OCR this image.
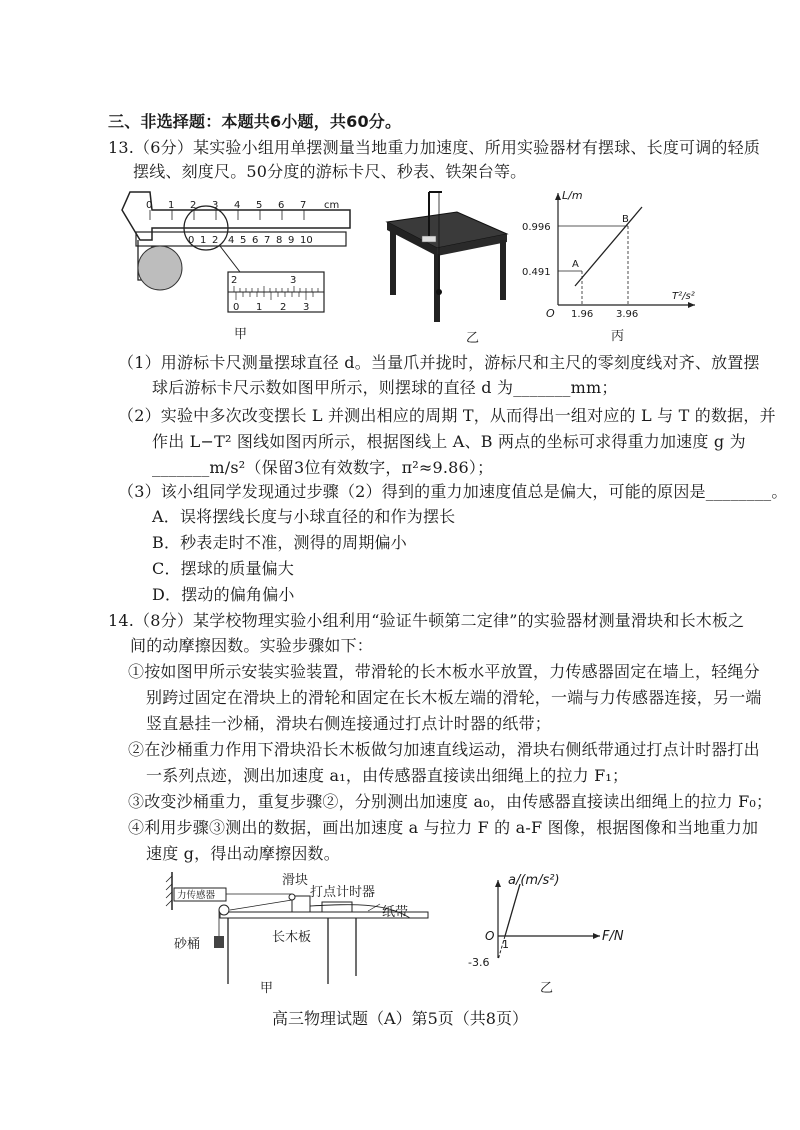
三、非选择题：本题共6小题，共60分。
13.（6分）某实验小组用单摆测量当地重力加速度、所用实验器材有摆球、长度可调的轻质
摆线、刻度尺。50分度的游标卡尺、秒表、铁架台等。
0 1 2 3 4 5 6 7 cm
0 1 2 4 5 6 7 8 9 10
2	3
0 1 2 3
甲	乙
A
B
L/m
T²/s²
O
0.996
0.491
1.96 3.96
丙
（1）用游标卡尺测量摆球直径 d。当量爪并拢时，游标尺和主尺的零刻度线对齐、放置摆
球后游标卡尺示数如图甲所示，则摆球的直径 d 为_______mm；
（2）实验中多次改变摆长 L 并测出相应的周期 T，从而得出一组对应的 L 与 T 的数据，并
作出 L−T² 图线如图丙所示，根据图线上 A、B 两点的坐标可求得重力加速度 g 为
_______m/s²（保留3位有效数字，π²≈9.86）；
（3）该小组同学发现通过步骤（2）得到的重力加速度值总是偏大，可能的原因是________。
A．误将摆线长度与小球直径的和作为摆长
B．秒表走时不准，测得的周期偏小
C．摆球的质量偏大
D．摆动的偏角偏小
14.（8分）某学校物理实验小组利用“验证牛顿第二定律”的实验器材测量滑块和长木板之
间的动摩擦因数。实验步骤如下：
①按如图甲所示安装实验装置，带滑轮的长木板水平放置，力传感器固定在墙上，轻绳分
别跨过固定在滑块上的滑轮和固定在长木板左端的滑轮，一端与力传感器连接，另一端
竖直悬挂一沙桶，滑块右侧连接通过打点计时器的纸带；
②在沙桶重力作用下滑块沿长木板做匀加速直线运动，滑块右侧纸带通过打点计时器打出
一系列点迹，测出加速度 a₁，由传感器直接读出细绳上的拉力 F₁；
③改变沙桶重力，重复步骤②，分别测出加速度 a₀，由传感器直接读出细绳上的拉力 F₀；
④利用步骤③测出的数据，画出加速度 a 与拉力 F 的 a-F 图像，根据图像和当地重力加
速度 g，得出动摩擦因数。
力传感器
滑块
打点计时器
纸带
砂桶	长木板
甲
a/(m/s²)
F/N
O
1
-3.6
乙
高三物理试题（A）第5页（共8页）
